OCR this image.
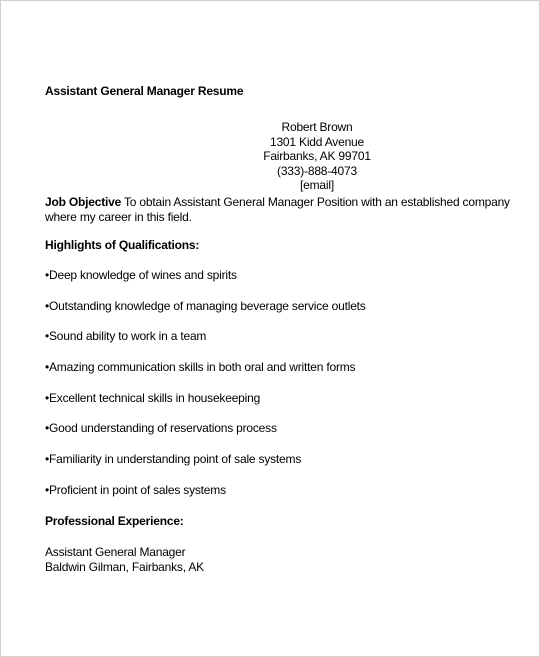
Assistant General Manager Resume
Robert Brown
1301 Kidd Avenue
Fairbanks, AK 99701
(333)-888-4073
[email]
Job Objective To obtain Assistant General Manager Position with an established company where my career in this field.
Highlights of Qualifications:
•Deep knowledge of wines and spirits
•Outstanding knowledge of managing beverage service outlets
•Sound ability to work in a team
•Amazing communication skills in both oral and written forms
•Excellent technical skills in housekeeping
•Good understanding of reservations process
•Familiarity in understanding point of sale systems
•Proficient in point of sales systems
Professional Experience:
Assistant General Manager
Baldwin Gilman, Fairbanks, AK
